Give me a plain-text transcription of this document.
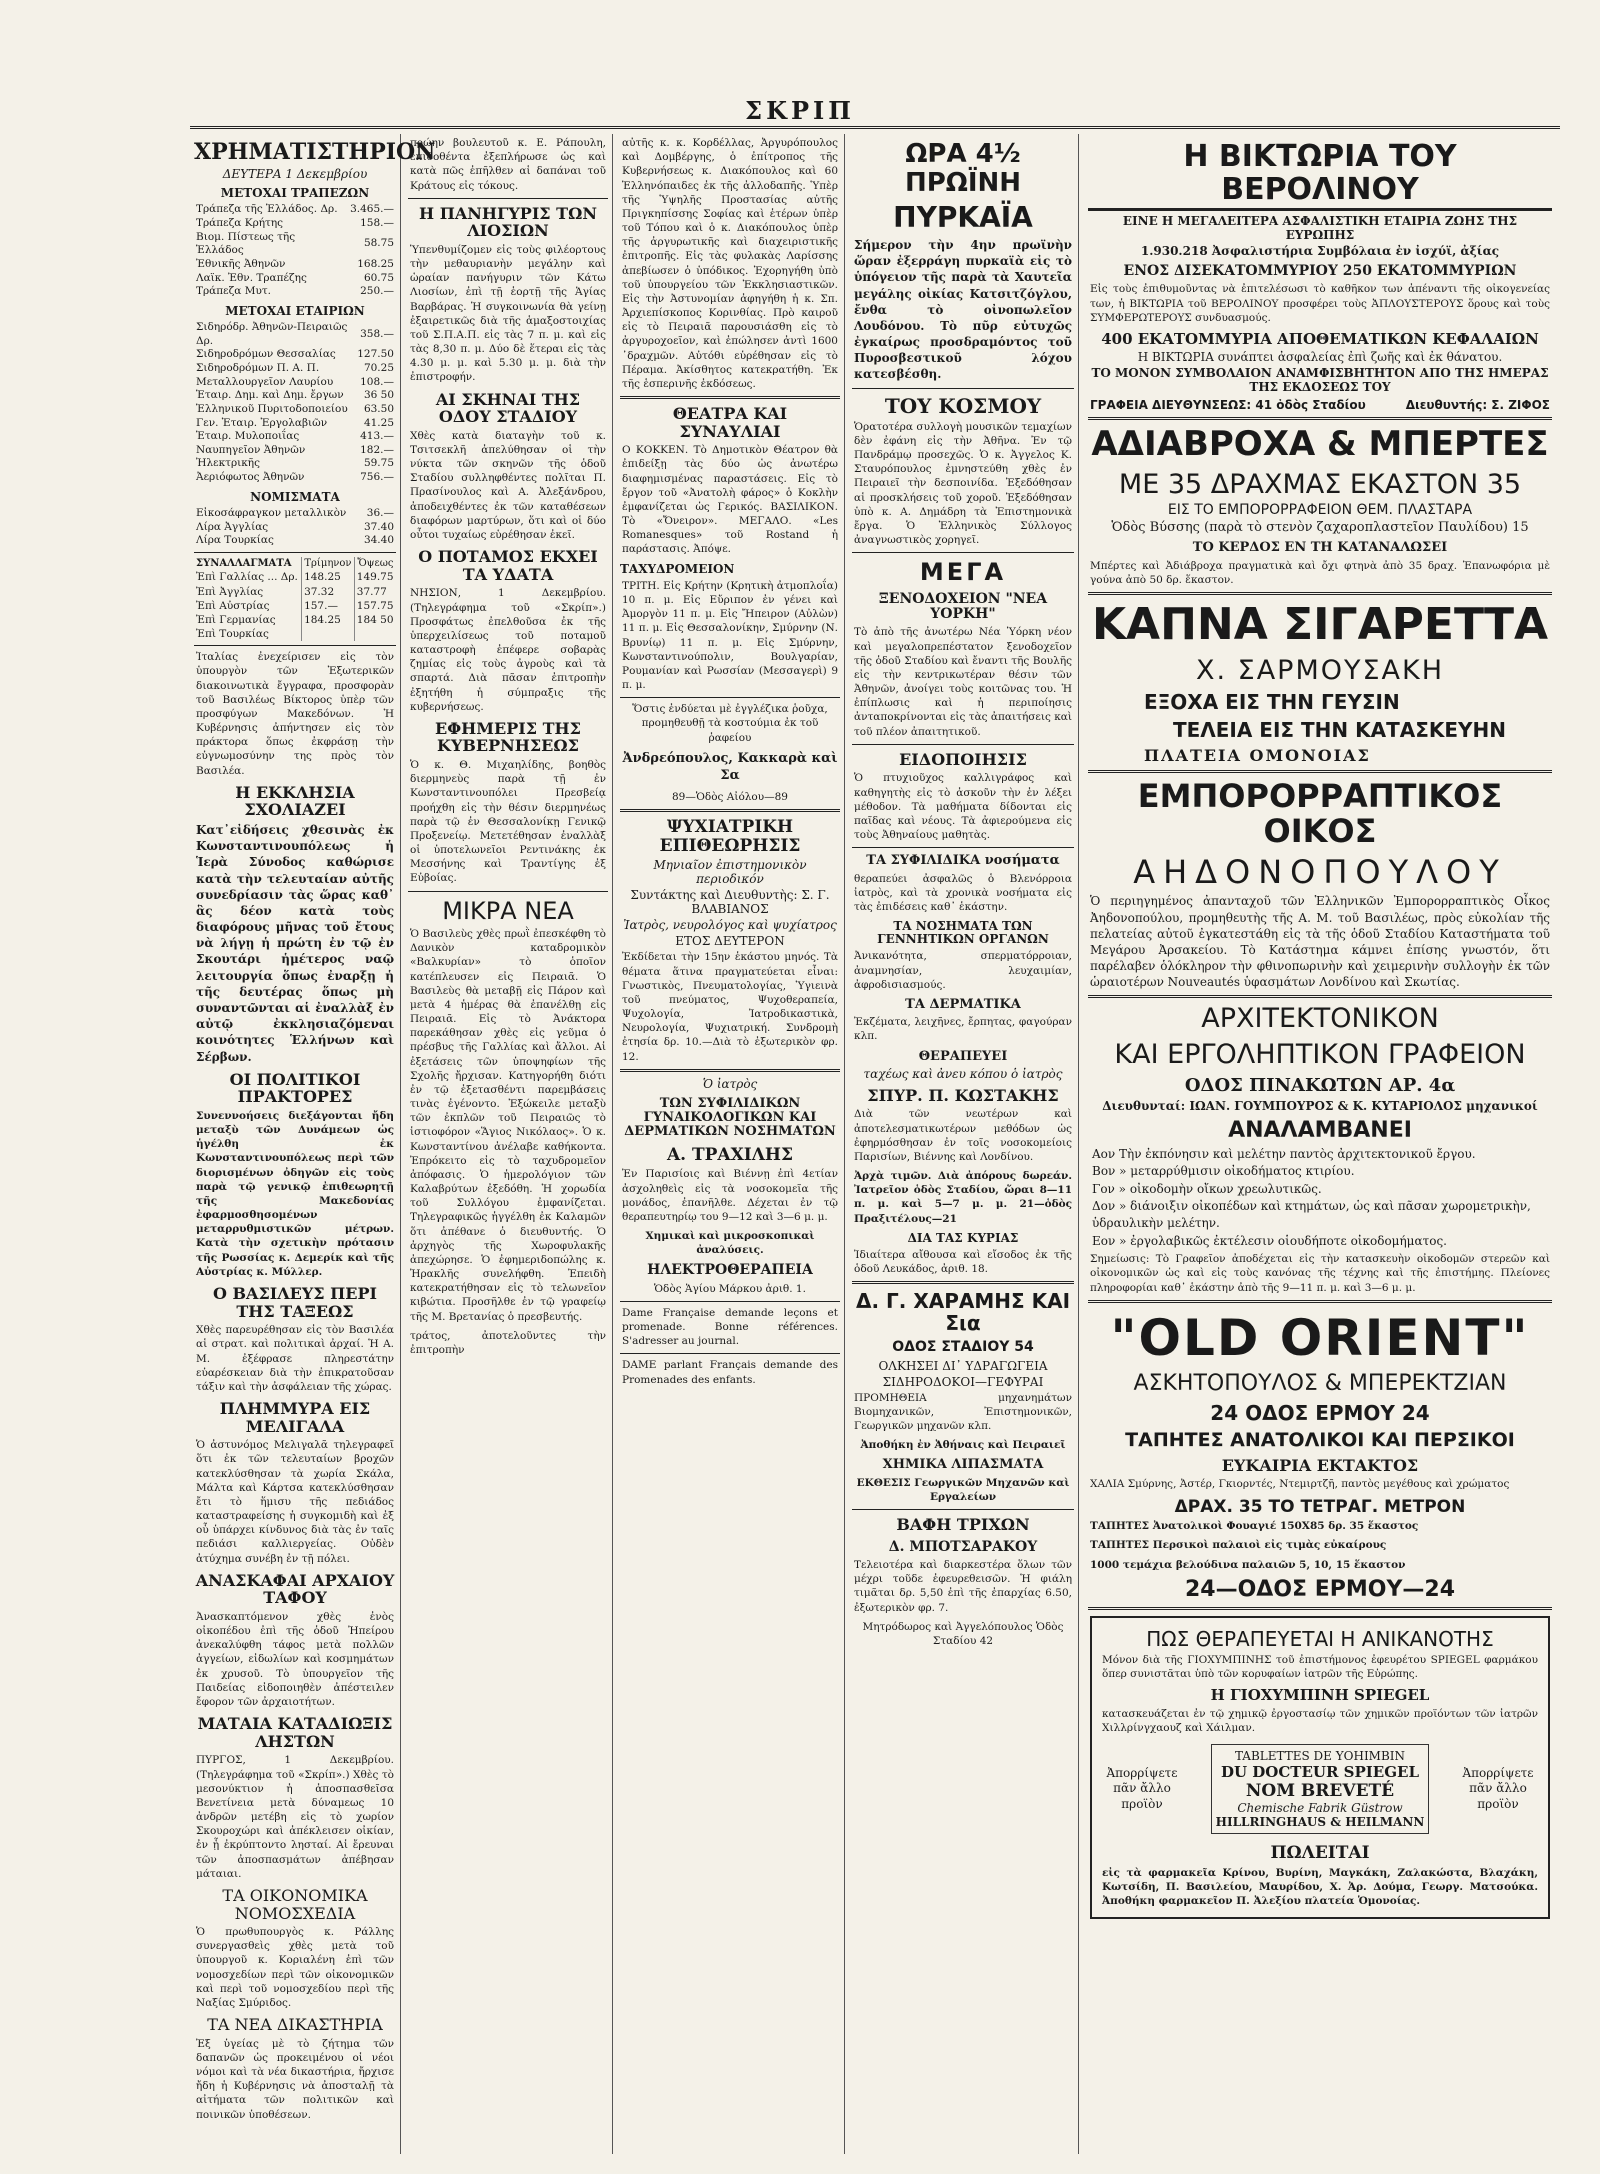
ΣΚΡΙΠ
ΧΡΗΜΑΤΙΣΤΗΡΙΟΝ
ΔΕΥΤΕΡΑ 1 Δεκεμβρίου
ΜΕΤΟΧΑΙ ΤΡΑΠΕΖΩΝ
Τράπεζα τῆς Ἑλλάδος. Δρ.	3.465.—
Τράπεζα Κρήτης	158.—
Βιομ. Πίστεως τῆς Ἑλλάδος	58.75
Ἐθνικῆς Ἀθηνῶν	168.25
Λαϊκ. Ἐθν. Τραπέζης	60.75
Τράπεζα Μυτ.	250.—
ΜΕΤΟΧΑΙ ΕΤΑΙΡΙΩΝ
Σιδηρόδρ. Ἀθηνῶν-Πειραιῶς Δρ.	358.—
Σιδηροδρόμων Θεσσαλίας	127.50
Σιδηροδρόμων Π. Α. Π.	70.25
Μεταλλουργεῖον Λαυρίου	108.—
Ἑταιρ. Δημ. καὶ Δημ. ἔργων	36 50
Ἑλληνικοῦ Πυριτοδοποιείου	63.50
Γεν. Ἑταιρ. Ἐργολαβιῶν	41.25
Ἑταιρ. Μυλοποιΐας	413.—
Ναυπηγεῖον Ἀθηνῶν	182.—
Ἠλεκτρικῆς	59.75
Ἀεριόφωτος Ἀθηνῶν	756.—
ΝΟΜΙΣΜΑΤΑ
Εἰκοσάφραγκον μεταλλικὸν	36.—
Λίρα Ἀγγλίας	37.40
Λίρα Τουρκίας	34.40
ΣΥΝΑΛΛΑΓΜΑΤΑ	Τρίμηνον	Ὄψεως
Ἐπὶ Γαλλίας ... Δρ.	148.25	149.75
Ἐπὶ Ἀγγλίας	37.32	37.77
Ἐπὶ Αὐστρίας	157.—	157.75
Ἐπὶ Γερμανίας	184.25	184 50
Ἐπὶ Τουρκίας		
Ἰταλίας ἐνεχείρισεν εἰς τὸν ὑπουργὸν τῶν Ἐξωτερικῶν διακοινωτικὰ ἔγγραφα, προσφορὰν τοῦ Βασιλέως Βίκτορος ὑπὲρ τῶν προσφύγων Μακεδόνων. Ἡ Κυβέρνησις ἀπήντησεν εἰς τὸν πράκτορα ὅπως ἐκφράσῃ τὴν εὐγνωμοσύνην της πρὸς τὸν Βασιλέα.
Η ΕΚΚΛΗΣΙΑ ΣΧΟΛΙΑΖΕΙ
Κατ᾽εἰδήσεις χθεσινὰς ἐκ Κωνσταντινουπόλεως ἡ Ἱερὰ Σύνοδος καθώρισε κατὰ τὴν τελευταίαν αὐτῆς συνεδρίασιν τὰς ὥρας καθ᾽ ἃς δέον κατὰ τοὺς διαφόρους μῆνας τοῦ ἔτους νὰ λήγῃ ἡ πρώτη ἐν τῷ ἐν Σκουτάρι ἡμέτερος ναῷ λειτουργία ὅπως ἐναρξῃ ἡ τῆς δευτέρας ὅπως μὴ συναντῶνται αἱ ἐναλλὰξ ἐν αὐτῷ ἐκκλησιαζόμεναι κοινότητες Ἑλλήνων καὶ Σέρβων.
ΟΙ ΠΟΛΙΤΙΚΟΙ ΠΡΑΚΤΟΡΕΣ
Συνεννοήσεις διεξάγονται ἤδη μεταξὺ τῶν Δυνάμεων ὡς ἡγέλθη ἐκ Κωνσταντινουπόλεως περὶ τῶν διορισμένων ὀδηγῶν εἰς τοὺς παρὰ τῷ γενικῷ ἐπιθεωρητῇ τῆς Μακεδονίας ἐφαρμοσθησομένων μεταρρυθμιστικῶν μέτρων. Κατὰ τὴν σχετικὴν πρότασιν τῆς Ρωσσίας κ. Δεμερίκ καὶ τῆς Αὐστρίας κ. Μύλλερ.
Ο ΒΑΣΙΛΕΥΣ ΠΕΡΙ ΤΗΣ ΤΑΞΕΩΣ
Χθὲς παρευρέθησαν εἰς τὸν Βασιλέα αἱ στρατ. καὶ πολιτικαὶ ἀρχαί. Ἡ Α. Μ. ἐξέφρασε πληρεστάτην εὐαρέσκειαν διὰ τὴν ἐπικρατοῦσαν τάξιν καὶ τὴν ἀσφάλειαν τῆς χώρας.
ΠΛΗΜΜΥΡΑ ΕΙΣ ΜΕΛΙΓΑΛΑ
Ὁ ἀστυνόμος Μελιγαλᾶ τηλεγραφεῖ ὅτι ἐκ τῶν τελευταίων βροχῶν κατεκλύσθησαν τὰ χωρία Σκάλα, Μάλτα καὶ Κάρτσα κατεκλύσθησαν ἔτι τὸ ἥμισυ τῆς πεδιάδος καταστραφείσης ἡ συγκομιδὴ καὶ ἐξ οὗ ὑπάρχει κίνδυνος διὰ τὰς ἐν ταῖς πεδιάσι καλλιεργείας. Οὐδὲν ἀτύχημα συνέβη ἐν τῇ πόλει.
ΑΝΑΣΚΑΦΑΙ ΑΡΧΑΙΟΥ ΤΑΦΟΥ
Ἀνασκαπτόμενον χθὲς ἐνὸς οἰκοπέδου ἐπὶ τῆς ὁδοῦ Ἠπείρου ἀνεκαλύφθη τάφος μετὰ πολλῶν ἀγγείων, εἰδωλίων καὶ κοσμημάτων ἐκ χρυσοῦ. Τὸ ὑπουργεῖον τῆς Παιδείας εἰδοποιηθὲν ἀπέστειλεν ἔφορον τῶν ἀρχαιοτήτων.
ΜΑΤΑΙΑ ΚΑΤΑΔΙΩΞΙΣ ΛΗΣΤΩΝ
ΠΥΡΓΟΣ, 1 Δεκεμβρίου. (Τηλεγράφημα τοῦ «Σκρίπ».) Χθὲς τὸ μεσονύκτιον ἡ ἀποσπασθεῖσα Βενετίνεια μετὰ δύναμεως 10 ἀνδρῶν μετέβη εἰς τὸ χωρίον Σκουροχώρι καὶ ἀπέκλεισεν οἰκίαν, ἐν ᾗ ἐκρύπτοντο λησταί. Αἱ ἔρευναι τῶν ἀποσπασμάτων ἀπέβησαν μάταιαι.
ΤΑ ΟΙΚΟΝΟΜΙΚΑ ΝΟΜΟΣΧΕΔΙΑ
Ὁ πρωθυπουργὸς κ. Ράλλης συνεργασθεὶς χθὲς μετὰ τοῦ ὑπουργοῦ κ. Κοριαλένη ἐπὶ τῶν νομοσχεδίων περὶ τῶν οἰκονομικῶν καὶ περὶ τοῦ νομοσχεδίου περὶ τῆς Ναξίας Σμύριδος.
ΤΑ ΝΕΑ ΔΙΚΑΣΤΗΡΙΑ
Ἐξ ὑγείας μὲ τὸ ζήτημα τῶν δαπανῶν ὡς προκειμένου οἱ νέοι νόμοι καὶ τὰ νέα δικαστήρια, ἤρχισε ἤδη ἡ Κυβέρνησις νὰ ἀποσταλῇ τὰ αἰτήματα τῶν πολιτικῶν καὶ ποινικῶν ὑποθέσεων.
πρώην βουλευτοῦ κ. Ε. Ράπουλη, ἐπιδοθέντα ἐξεπλήρωσε ὡς καὶ κατὰ πῶς ἐπῆλθεν αἱ δαπάναι τοῦ Κράτους εἰς τόκους.
Η ΠΑΝΗΓΥΡΙΣ ΤΩΝ ΛΙΟΣΙΩΝ
Ὑπενθυμίζομεν εἰς τοὺς φιλέορτους τὴν μεθαυριανὴν μεγάλην καὶ ὡραίαν πανήγυριν τῶν Κάτω Λιοσίων, ἐπὶ τῇ ἑορτῇ τῆς Ἁγίας Βαρβάρας. Ἡ συγκοινωνία θὰ γείνῃ ἐξαιρετικῶς διὰ τῆς ἁμαξοστοιχίας τοῦ Σ.Π.Α.Π. εἰς τὰς 7 π. μ. καὶ εἰς τὰς 8,30 π. μ. Δύο δὲ ἕτεραι εἰς τὰς 4.30 μ. μ. καὶ 5.30 μ. μ. διὰ τὴν ἐπιστροφήν.
ΑΙ ΣΚΗΝΑΙ ΤΗΣ ΟΔΟΥ ΣΤΑΔΙΟΥ
Χθὲς κατὰ διαταγὴν τοῦ κ. Τσιτσεκλῆ ἀπελύθησαν οἱ τὴν νύκτα τῶν σκηνῶν τῆς ὁδοῦ Σταδίου συλληφθέντες πολῖται Π. Πρασίνουλος καὶ Α. Ἀλεξάνδρου, ἀποδειχθέντες ἐκ τῶν καταθέσεων διαφόρων μαρτύρων, ὅτι καὶ οἱ δύο οὗτοι τυχαίως εὑρέθησαν ἐκεῖ.
Ο ΠΟΤΑΜΟΣ ΕΚΧΕΙ ΤΑ ΥΔΑΤΑ
ΝΗΣΙΟΝ, 1 Δεκεμβρίου. (Τηλεγράφημα τοῦ «Σκρίπ».) Προσφάτως ἐπελθοῦσα ἐκ τῆς ὑπερχειλίσεως τοῦ ποταμοῦ καταστροφὴ ἐπέφερε σοβαρὰς ζημίας εἰς τοὺς ἀγροὺς καὶ τὰ σπαρτά. Διὰ πᾶσαν ἐπιτροπὴν ἐξητήθη ἡ σύμπραξις τῆς κυβερνήσεως.
ΕΦΗΜΕΡΙΣ ΤΗΣ ΚΥΒΕΡΝΗΣΕΩΣ
Ὁ κ. Θ. Μιχαηλίδης, βοηθὸς διερμηνεὺς παρὰ τῇ ἐν Κωνσταντινουπόλει Πρεσβείᾳ προήχθη εἰς τὴν θέσιν διερμηνέως παρὰ τῷ ἐν Θεσσαλονίκῃ Γενικῷ Προξενείῳ. Μετετέθησαν ἐναλλὰξ οἱ ὑποτελωνεῖοι Ρεντινάκης ἐκ Μεσσήνης καὶ Τραντίγης ἐξ Εὐβοίας.
ΜΙΚΡΑ ΝΕΑ
Ὁ Βασιλεὺς χθὲς πρωῒ ἐπεσκέφθη τὸ Δανικὸν καταδρομικὸν «Βαλκυρίαν» τὸ ὁποῖον κατέπλευσεν εἰς Πειραιᾶ. Ὁ Βασιλεὺς θὰ μεταβῇ εἰς Πάρον καὶ μετὰ 4 ἡμέρας θὰ ἐπανέλθῃ εἰς Πειραιᾶ. Εἰς τὸ Ἀνάκτορα παρεκάθησαν χθὲς εἰς γεῦμα ὁ πρέσβυς τῆς Γαλλίας καὶ ἄλλοι. Αἱ ἐξετάσεις τῶν ὑποψηφίων τῆς Σχολῆς ἤρχισαν. Κατηγορήθη διότι ἐν τῷ ἐξετασθέντι παρεμβάσεις τινὰς ἐγένοντο. Ἐξώκειλε μεταξὺ τῶν ἐκπλῶν τοῦ Πειραιῶς τὸ ἱστιοφόρον «Ἅγιος Νικόλαος». Ὁ κ. Κωνσταντίνου ἀνέλαβε καθήκοντα. Ἐπρόκειτο εἰς τὸ ταχυδρομεῖον ἀπόφασις. Ὁ ἡμερολόγιον τῶν Καλαβρύτων ἐξεδόθη. Ἡ χορωδία τοῦ Συλλόγου ἐμφανίζεται. Τηλεγραφικῶς ἡγγέλθη ἐκ Καλαμῶν ὅτι ἀπέθανε ὁ διευθυντής. Ὁ ἀρχηγὸς τῆς Χωροφυλακῆς ἀπεχώρησε. Ὁ ἐφημεριδοπώλης κ. Ἠρακλῆς συνελήφθη. Ἐπειδὴ κατεκρατήθησαν εἰς τὸ τελωνεῖον κιβώτια. Προσῆλθε ἐν τῷ γραφείῳ τῆς Μ. Βρετανίας ὁ πρεσβευτής.
τράτος, ἀποτελοῦντες τὴν ἐπιτροπὴν
αὐτῆς κ. κ. Κορδέλλας, Ἀργυρόπουλος καὶ Δομβέργης, ὁ ἐπίτροπος τῆς Κυβερνήσεως κ. Διακόπουλος καὶ 60 Ἑλληνόπαιδες ἐκ τῆς ἀλλοδαπῆς. Ὑπὲρ τῆς Ὑψηλῆς Προστασίας αὐτῆς Πριγκηπίσσης Σοφίας καὶ ἑτέρων ὑπὲρ τοῦ Τόπου καὶ ὁ κ. Διακόπουλος ὑπὲρ τῆς ἀργυρωτικῆς καὶ διαχειριστικῆς ἐπιτροπῆς. Εἰς τὰς φυλακὰς Λαρίσσης ἀπεβίωσεν ὁ ὑπόδικος. Ἐχορηγήθη ὑπὸ τοῦ ὑπουργείου τῶν Ἐκκλησιαστικῶν. Εἰς τὴν Ἀστυνομίαν ἀφηγήθη ἡ κ. Σπ. Ἀρχιεπίσκοπος Κορινθίας. Πρὸ καιροῦ εἰς τὸ Πειραιᾶ παρουσιάσθη εἰς τὸ ἀργυροχοεῖον, καὶ ἐπώλησεν ἀντὶ 1600 ᾽δραχμῶν. Αὐτόθι εὑρέθησαν εἰς τὸ Πέραμα. Ἀκίσθητος κατεκρατήθη. Ἐκ τῆς ἑσπερινῆς ἐκδόσεως.
ΘΕΑΤΡΑ ΚΑΙ ΣΥΝΑΥΛΙΑΙ
Ο ΚΟΚΚΕΝ. Τὸ Δημοτικὸν Θέατρον θὰ ἐπιδείξῃ τὰς δύο ὡς ἀνωτέρω διαφημισμένας παραστάσεις. Εἰς τὸ ἔργον τοῦ «Ἀνατολὴ φάρος» ὁ Κοκλὴν ἐμφανίζεται ὡς Γερικός. ΒΑΣΙΛΙΚΟΝ. Τὸ «Ὄνειρον». ΜΕΓΑΛΟ. «Les Romanesques» τοῦ Rostand ἡ παράστασις. Ἀπόψε.
ΤΑΧΥΔΡΟΜΕΙΟΝ
ΤΡΙΤΗ. Εἰς Κρήτην (Κρητικὴ ἀτμοπλοΐα) 10 π. μ. Εἰς Εὔριπον ἐν γένει καὶ Ἀμοργὸν 11 π. μ. Εἰς Ἤπειρον (Αὐλὼν) 11 π. μ. Εἰς Θεσσαλονίκην, Σμύρνην (Ν. Βρυνίῳ) 11 π. μ. Εἰς Σμύρνην, Κωνσταντινούπολιν, Βουλγαρίαν, Ρουμανίαν καὶ Ρωσσίαν (Μεσσαγερὶ) 9 π. μ.
Ὅστις ἐνδύεται μὲ ἐγγλέζικα ῥοῦχα, προμηθευθῇ τὰ κοστούμια ἐκ τοῦ ῥαφείου
Ἀνδρεόπουλος, Κακκαρὰ καὶ Σα
89—Ὁδὸς Αἰόλου—89
ΨΥΧΙΑΤΡΙΚΗ ΕΠΙΘΕΩΡΗΣΙΣ
Μηνιαῖον ἐπιστημονικὸν περιοδικόν
Συντάκτης καὶ Διευθυντὴς: Σ. Γ. ΒΛΑΒΙΑΝΟΣ
Ἰατρὸς, νευρολόγος καὶ ψυχίατρος
ΕΤΟΣ ΔΕΥΤΕΡΟΝ
Ἐκδίδεται τὴν 15ην ἑκάστου μηνός. Τὰ θέματα ἅτινα πραγματεύεται εἶναι: Γνωστικὸς, Πνευματολογίας, Ὑγιεινὰ τοῦ πνεύματος, Ψυχοθεραπεία, Ψυχολογία, Ἰατροδικαστικὰ, Νευρολογία, Ψυχιατρική. Συνδρομὴ ἐτησία δρ. 10.—Διὰ τὸ ἐξωτερικὸν φρ. 12.
Ὁ ἰατρὸς
ΤΩΝ ΣΥΦΙΛΙΔΙΚΩΝ ΓΥΝΑΙΚΟΛΟΓΙΚΩΝ ΚΑΙ ΔΕΡΜΑΤΙΚΩΝ ΝΟΣΗΜΑΤΩΝ
Α. ΤΡΑΧΙΛΗΣ
Ἐν Παρισίοις καὶ Βιέννῃ ἐπὶ 4ετίαν ἀσχοληθεὶς εἰς τὰ νοσοκομεῖα τῆς μονάδος, ἐπανῆλθε. Δέχεται ἐν τῷ θεραπευτηρίῳ του 9—12 καὶ 3—6 μ. μ.
Χημικαὶ καὶ μικροσκοπικαὶ ἀναλύσεις.
ΗΛΕΚΤΡΟΘΕΡΑΠΕΙΑ
Ὁδὸς Ἁγίου Μάρκου ἀριθ. 1.
Dame Française demande leçons et promenade. Bonne références. S'adresser au journal.
DAME parlant Français demande des Promenades des enfants.
ΩΡΑ 4½ ΠΡΩΪΝΗ
ΠΥΡΚΑΪΑ
Σήμερον τὴν 4ην πρωϊνὴν ὥραν ἐξερράγη πυρκαϊὰ εἰς τὸ ὑπόγειον τῆς παρὰ τὰ Χαυτεῖα μεγάλης οἰκίας Κατσιτζόγλου, ἔνθα τὸ οἰνοπωλεῖον Λουδόνου. Τὸ πῦρ εὐτυχῶς ἐγκαίρως προσδραμόντος τοῦ Πυροσβεστικοῦ λόχου κατεσβέσθη.
ΤΟΥ ΚΟΣΜΟΥ
Ὁρατοτέρα συλλογὴ μουσικῶν τεμαχίων δὲν ἐφάνη εἰς τὴν Ἀθῆνα. Ἐν τῷ Πανδράμῳ προσεχῶς. Ὁ κ. Ἀγγελος Κ. Σταυρόπουλος ἐμνηστεύθη χθὲς ἐν Πειραιεῖ τὴν δεσποινίδα. Ἐξεδόθησαν αἱ προσκλήσεις τοῦ χοροῦ. Ἐξεδόθησαν ὑπὸ κ. Α. Δημάδρη τὰ Ἐπιστημονικὰ ἔργα. Ὁ Ἑλληνικὸς Σύλλογος ἀναγνωστικὸς χορηγεῖ.
ΜΕΓΑ
ΞΕΝΟΔΟΧΕΙΟΝ "ΝΕΑ ΥΟΡΚΗ"
Τὸ ἀπὸ τῆς ἀνωτέρω Νέα Ὑόρκη νέον καὶ μεγαλοπρεπέστατον ξενοδοχεῖον τῆς ὁδοῦ Σταδίου καὶ ἔναντι τῆς Βουλῆς εἰς τὴν κεντρικωτέραν θέσιν τῶν Ἀθηνῶν, ἀνοίγει τοὺς κοιτῶνας του. Ἡ ἐπίπλωσις καὶ ἡ περιποίησις ἀνταποκρίνονται εἰς τὰς ἀπαιτήσεις καὶ τοῦ πλέον ἀπαιτητικοῦ.
ΕΙΔΟΠΟΙΗΣΙΣ
Ὁ πτυχιοῦχος καλλιγράφος καὶ καθηγητὴς εἰς τὸ ἀσκοῦν τὴν ἐν λέξει μέθοδον. Τὰ μαθήματα δίδονται εἰς παῖδας καὶ νέους. Τὰ ἀφιερούμενα εἰς τοὺς Ἀθηναίους μαθητὰς.
ΤΑ ΣΥΦΙΛΙΔΙΚΑ νοσήματα
θεραπεύει ἀσφαλῶς ὁ Βλενόρροια ἰατρὸς, καὶ τὰ χρονικὰ νοσήματα εἰς τὰς ἐπιδέσεις καθ᾽ ἑκάστην.
ΤΑ ΝΟΣΗΜΑΤΑ ΤΩΝ ΓΕΝΝΗΤΙΚΩΝ ΟΡΓΑΝΩΝ
Ἀνικανότητα, σπερματόρροιαν, ἀναμνησίαν, λευχαιμίαν, ἀφροδισιασμούς.
ΤΑ ΔΕΡΜΑΤΙΚΑ
Ἐκζέματα, λειχῆνες, ἔρπητας, φαγούραν κλπ.
ΘΕΡΑΠΕΥΕΙ
ταχέως καὶ ἀνευ κόπου ὁ ἰατρὸς
ΣΠΥΡ. Π. ΚΩΣΤΑΚΗΣ
Διὰ τῶν νεωτέρων καὶ ἀποτελεσματικωτέρων μεθόδων ὡς ἐφηρμόσθησαν ἐν τοῖς νοσοκομείοις Παρισίων, Βιέννης καὶ Λονδίνου.
Ἀρχὰ τιμῶν. Διὰ ἀπόρους δωρεάν. Ἰατρεῖον ὁδὸς Σταδίου, ὥραι 8—11 π. μ. καὶ 5—7 μ. μ. 21—ὁδὸς Πραξιτέλους—21
ΔΙΑ ΤΑΣ ΚΥΡΙΑΣ
Ἰδιαίτερα αἴθουσα καὶ εἴσοδος ἐκ τῆς ὁδοῦ Λευκάδος, ἀριθ. 18.
Δ. Γ. ΧΑΡΑΜΗΣ ΚΑΙ Σια
ΟΔΟΣ ΣΤΑΔΙΟΥ 54
ΟΛΚΗΣΕΙ ΔΙ᾽ ΥΔΡΑΓΩΓΕΙΑ
ΣΙΔΗΡΟΔΟΚΟΙ—ΓΕΦΥΡΑΙ
ΠΡΟΜΗΘΕΙΑ μηχανημάτων Βιομηχανικῶν, Ἐπιστημονικῶν, Γεωργικῶν μηχανῶν κλπ.
Ἀποθήκη ἐν Ἀθήναις καὶ Πειραιεῖ
ΧΗΜΙΚΑ ΛΙΠΑΣΜΑΤΑ
ΕΚΘΕΣΙΣ Γεωργικῶν Μηχανῶν καὶ Εργαλείων
ΒΑΦΗ ΤΡΙΧΩΝ
Δ. ΜΠΟΤΣΑΡΑΚΟΥ
Τελειοτέρα καὶ διαρκεστέρα ὅλων τῶν μέχρι τοῦδε ἐφευρεθεισῶν. Ἡ φιάλη τιμᾶται δρ. 5,50 ἐπὶ τῆς ἐπαρχίας 6.50, ἐξωτερικὸν φρ. 7.
Μητρόδωρος καὶ Ἀγγελόπουλος Ὁδὸς Σταδίου 42
Η ΒΙΚΤΩΡΙΑ ΤΟΥ ΒΕΡΟΛΙΝΟΥ
ΕΙΝΕ Η ΜΕΓΑΛΕΙΤΕΡΑ ΑΣΦΑΛΙΣΤΙΚΗ ΕΤΑΙΡΙΑ ΖΩΗΣ ΤΗΣ ΕΥΡΩΠΗΣ
1.930.218 Ἀσφαλιστήρια Συμβόλαια ἐν ἰσχύϊ, ἀξίας
ΕΝΟΣ ΔΙΣΕΚΑΤΟΜΜΥΡΙΟΥ 250 ΕΚΑΤΟΜΜΥΡΙΩΝ
Εἰς τοὺς ἐπιθυμοῦντας νὰ ἐπιτελέσωσι τὸ καθῆκον των ἀπέναντι τῆς οἰκογενείας των, ἡ ΒΙΚΤΩΡΙΑ τοῦ ΒΕΡΟΛΙΝΟΥ προσφέρει τοὺς ἈΠΛΟΥΣΤΕΡΟΥΣ ὅρους καὶ τοὺς ΣΥΜΦΕΡΩΤΕΡΟΥΣ συνδυασμούς.
400 ΕΚΑΤΟΜΜΥΡΙΑ ΑΠΟΘΕΜΑΤΙΚΩΝ ΚΕΦΑΛΑΙΩΝ
Η ΒΙΚΤΩΡΙΑ συνάπτει ἀσφαλείας ἐπὶ ζωῆς καὶ ἐκ θάνατου.
ΤΟ ΜΟΝΟΝ ΣΥΜΒΟΛΑΙΟΝ ΑΝΑΜΦΙΣΒΗΤΗΤΟΝ ΑΠΟ ΤΗΣ ΗΜΕΡΑΣ ΤΗΣ ΕΚΔΟΣΕΩΣ ΤΟΥ
ΓΡΑΦΕΙΑ ΔΙΕΥΘΥΝΣΕΩΣ: 41 ὁδὸς Σταδίου	Διευθυντής: Σ. ΖΙΦΟΣ
ΑΔΙΑΒΡΟΧΑ & ΜΠΕΡΤΕΣ
ΜΕ 35 ΔΡΑΧΜΑΣ ΕΚΑΣΤΟΝ 35
ΕΙΣ ΤΟ ΕΜΠΟΡΟΡΡΑΦΕΙΟΝ ΘΕΜ. ΠΛΑΣΤΑΡΑ
Ὁδὸς Βύσσης (παρὰ τὸ στενὸν ζαχαροπλαστεῖον Παυλίδου) 15
ΤΟ ΚΕΡΔΟΣ ΕΝ ΤΗ ΚΑΤΑΝΑΛΩΣΕΙ
Μπέρτες καὶ Ἀδιάβροχα πραγματικὰ καὶ ὄχι φτηνὰ ἀπὸ 35 δραχ. Ἐπανωφόρια μὲ γούνα ἀπὸ 50 δρ. ἕκαστον.
ΚΑΠΝΑ ΣΙΓΑΡΕΤΤΑ
Χ. ΣΑΡΜΟΥΣΑΚΗ
ΕΞΟΧΑ ΕΙΣ ΤΗΝ ΓΕΥΣΙΝ
ΤΕΛΕΙΑ ΕΙΣ ΤΗΝ ΚΑΤΑΣΚΕΥΗΝ
ΠΛΑΤΕΙΑ ΟΜΟΝΟΙΑΣ
ΕΜΠΟΡΟΡΡΑΠΤΙΚΟΣ ΟΙΚΟΣ
ΑΗΔΟΝΟΠΟΥΛΟΥ
Ὁ περιηγημένος ἀπανταχοῦ τῶν Ἑλληνικῶν Ἐμπορορραπτικὸς Οἶκος Ἀηδονοπούλου, προμηθευτὴς τῆς Α. Μ. τοῦ Βασιλέως, πρὸς εὐκολίαν τῆς πελατείας αὐτοῦ ἐγκατεστάθη εἰς τὰ τῆς ὁδοῦ Σταδίου Καταστήματα τοῦ Μεγάρου Ἀρσακείου. Τὸ Κατάστημα κάμνει ἐπίσης γνωστόν, ὅτι παρέλαβεν ὁλόκληρον τὴν φθινοπωρινὴν καὶ χειμερινὴν συλλογὴν ἐκ τῶν ὡραιοτέρων Nouveautés ὑφασμάτων Λονδίνου καὶ Σκωτίας.
ΑΡΧΙΤΕΚΤΟΝΙΚΟΝ
ΚΑΙ ΕΡΓΟΛΗΠΤΙΚΟΝ ΓΡΑΦΕΙΟΝ
ΟΔΟΣ ΠΙΝΑΚΩΤΩΝ ΑΡ. 4α
Διευθυνταί: ΙΩΑΝ. ΓΟΥΜΠΟΥΡΟΣ & Κ. ΚΥΤΑΡΙΟΛΟΣ μηχανικοί
ΑΝΑΛΑΜΒΑΝΕΙ
Αον Τὴν ἐκπόνησιν καὶ μελέτην παντὸς ἀρχιτεκτονικοῦ ἔργου.
Βον » μεταρρύθμισιν οἰκοδήματος κτιρίου.
Γον » οἰκοδομὴν οἴκων χρεωλυτικῶς.
Δον » διάνοιξιν οἰκοπέδων καὶ κτημάτων, ὡς καὶ πᾶσαν χωρομετρικὴν, ὑδραυλικὴν μελέτην.
Εον » ἐργολαβικῶς ἐκτέλεσιν οἱουδήποτε οἰκοδομήματος.
Σημείωσις: Τὸ Γραφεῖον ἀποδέχεται εἰς τὴν κατασκευὴν οἰκοδομῶν στερεῶν καὶ οἰκονομικῶν ὡς καὶ εἰς τοὺς κανόνας τῆς τέχνης καὶ τῆς ἐπιστήμης. Πλείονες πληροφορίαι καθ᾽ ἑκάστην ἀπὸ τῆς 9—11 π. μ. καὶ 3—6 μ. μ.
"OLD ORIENT"
ΑΣΚΗΤΟΠΟΥΛΟΣ & ΜΠΕΡΕΚΤΖΙΑΝ
24 ΟΔΟΣ ΕΡΜΟΥ 24
ΤΑΠΗΤΕΣ ΑΝΑΤΟΛΙΚΟΙ ΚΑΙ ΠΕΡΣΙΚΟΙ
ΕΥΚΑΙΡΙΑ ΕΚΤΑΚΤΟΣ
ΧΑΛΙΑ Σμύρνης, Ἀστέρ, Γκιορντές, Ντεμιρτζῆ, παντὸς μεγέθους καὶ χρώματος
ΔΡΑΧ. 35 ΤΟ ΤΕΤΡΑΓ. ΜΕΤΡΟΝ
ΤΑΠΗΤΕΣ Ἀνατολικοὶ Φουαγιέ 150Χ85 δρ. 35 ἕκαστος
ΤΑΠΗΤΕΣ Περσικοὶ παλαιοὶ εἰς τιμὰς εὐκαίρους
1000 τεμάχια βελούδινα παλαιῶν 5, 10, 15 ἕκαστον
24—ΟΔΟΣ ΕΡΜΟΥ—24
ΠΩΣ ΘΕΡΑΠΕΥΕΤΑΙ Η ΑΝΙΚΑΝΟΤΗΣ
Μόνον διὰ τῆς ΓΙΟΧΥΜΠΙΝΗΣ τοῦ ἐπιστήμονος ἐφευρέτου SPIEGEL φαρμάκου ὅπερ συνιστᾶται ὑπὸ τῶν κορυφαίων ἰατρῶν τῆς Εὐρώπης.
Η ΓΙΟΧΥΜΠΙΝΗ SPIEGEL
κατασκευάζεται ἐν τῷ χημικῷ ἐργοστασίῳ τῶν χημικῶν προϊόντων τῶν ἰατρῶν Χιλλρίνγχαουζ καὶ Χάιλμαν.
Ἀπορρίψετε πᾶν ἄλλο προϊὸν
TABLETTES DE YOHIMBIN
DU DOCTEUR SPIEGEL
NOM BREVETÉ
Chemische Fabrik Güstrow
HILLRINGHAUS & HEILMANN
Ἀπορρίψετε πᾶν ἄλλο προϊὸν
ΠΩΛΕΙΤΑΙ
εἰς τὰ φαρμακεῖα Κρίνου, Βυρίνη, Μαγκάκη, Ζαλακώστα, Βλαχάκη, Κωτσίδη, Π. Βασιλείου, Μαυρίδου, Χ. Ἀρ. Δούμα, Γεωργ. Ματσούκα. Ἀποθήκη φαρμακεῖον Π. Ἀλεξίου πλατεία Ὁμονοίας.
